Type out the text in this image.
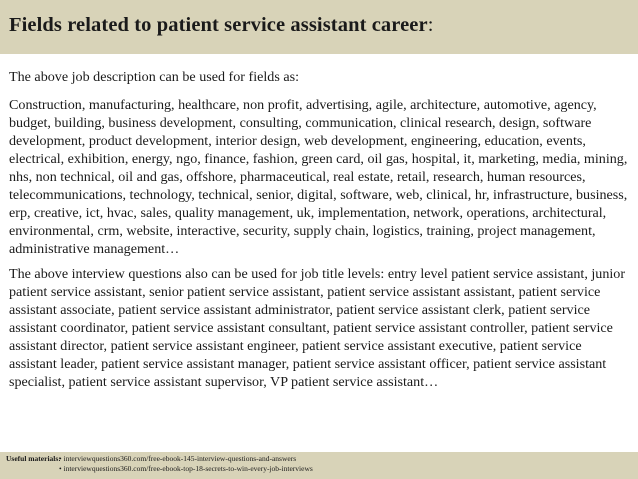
Fields related to patient service assistant career:

The above job description can be used for fields as:

Construction, manufacturing, healthcare, non profit, advertising, agile, architecture, automotive, agency, budget, building, business development, consulting, communication, clinical research, design, software development, product development, interior design, web development, engineering, education, events, electrical, exhibition, energy, ngo, finance, fashion, green card, oil gas, hospital, it, marketing, media, mining, nhs, non technical, oil and gas, offshore, pharmaceutical, real estate, retail, research, human resources, telecommunications, technology, technical, senior, digital, software, web, clinical, hr, infrastructure, business, erp, creative, ict, hvac, sales, quality management, uk, implementation, network, operations, architectural, environmental, crm, website, interactive, security, supply chain, logistics, training, project management, administrative management…

The above interview questions also can be used for job title levels: entry level patient service assistant, junior patient service assistant, senior patient service assistant, patient service assistant assistant, patient service assistant associate, patient service assistant administrator, patient service assistant clerk, patient service assistant coordinator, patient service assistant consultant, patient service assistant controller, patient service assistant director, patient service assistant engineer, patient service assistant executive, patient service assistant leader, patient service assistant manager, patient service assistant officer, patient service assistant specialist, patient service assistant supervisor, VP patient service assistant…

Useful materials:
• interviewquestions360.com/free-ebook-145-interview-questions-and-answers
• interviewquestions360.com/free-ebook-top-18-secrets-to-win-every-job-interviews
